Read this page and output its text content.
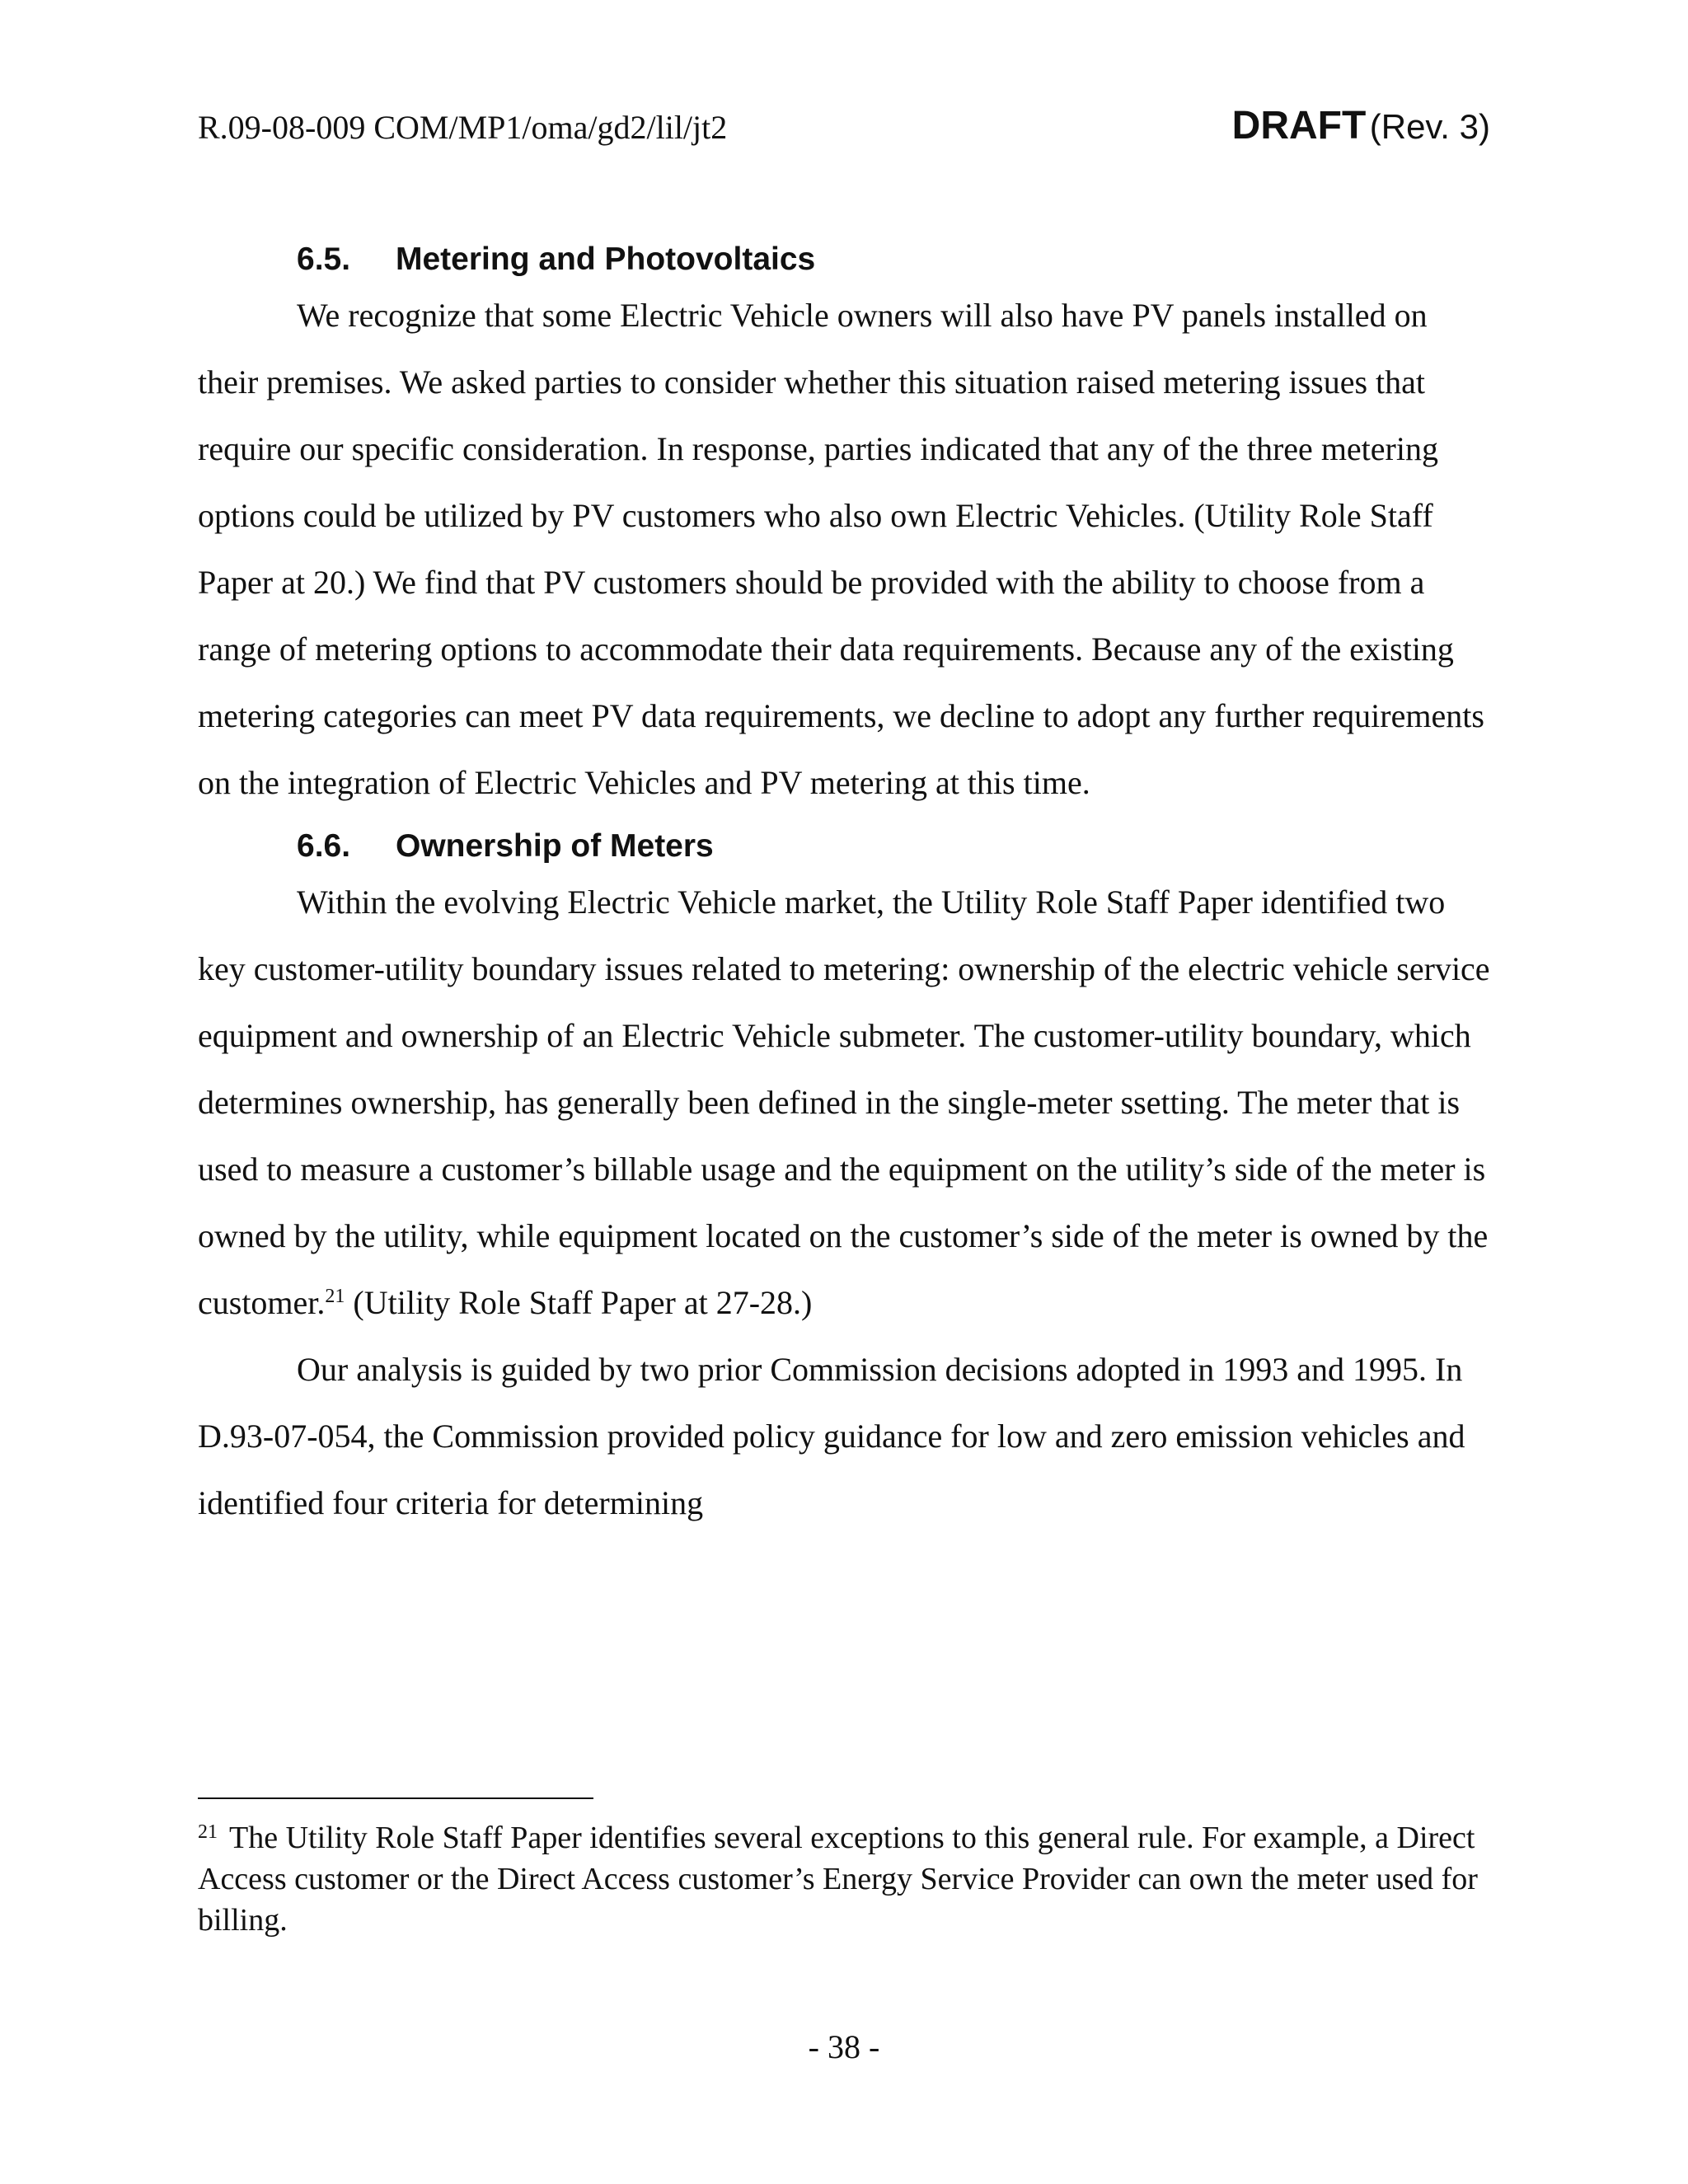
R.09-08-009 COM/MP1/oma/gd2/lil/jt2	DRAFT (Rev. 3)
6.5. Metering and Photovoltaics

We recognize that some Electric Vehicle owners will also have PV panels installed on their premises. We asked parties to consider whether this situation raised metering issues that require our specific consideration. In response, parties indicated that any of the three metering options could be utilized by PV customers who also own Electric Vehicles. (Utility Role Staff Paper at 20.) We find that PV customers should be provided with the ability to choose from a range of metering options to accommodate their data requirements. Because any of the existing metering categories can meet PV data requirements, we decline to adopt any further requirements on the integration of Electric Vehicles and PV metering at this time.

6.6. Ownership of Meters

Within the evolving Electric Vehicle market, the Utility Role Staff Paper identified two key customer-utility boundary issues related to metering: ownership of the electric vehicle service equipment and ownership of an Electric Vehicle submeter. The customer-utility boundary, which determines ownership, has generally been defined in the single-meter ssetting. The meter that is used to measure a customer’s billable usage and the equipment on the utility’s side of the meter is owned by the utility, while equipment located on the customer’s side of the meter is owned by the customer.$^{21}$ (Utility Role Staff Paper at 27-28.)

Our analysis is guided by two prior Commission decisions adopted in 1993 and 1995. In D.93-07-054, the Commission provided policy guidance for low and zero emission vehicles and identified four criteria for determining

$^{21}$ The Utility Role Staff Paper identifies several exceptions to this general rule. For example, a Direct Access customer or the Direct Access customer’s Energy Service Provider can own the meter used for billing.

- 38 -
